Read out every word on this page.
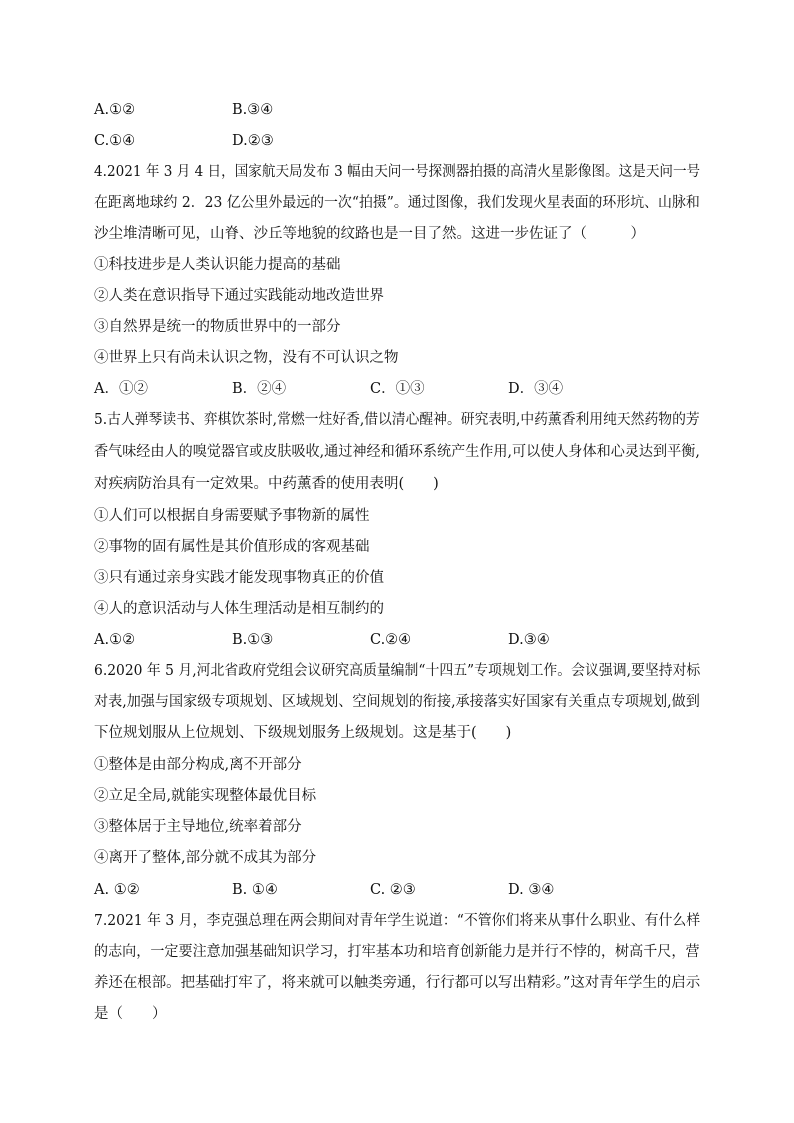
A.①②	B.③④
C.①④	D.②③
4.2021 年 3 月 4 日，国家航天局发布 3 幅由天问一号探测器拍摄的高清火星影像图。这是天问一号
在距离地球约 2．23 亿公里外最远的一次“拍摄”。通过图像，我们发现火星表面的环形坑、山脉和
沙尘堆清晰可见，山脊、沙丘等地貌的纹路也是一目了然。这进一步佐证了（　　　）
①科技进步是人类认识能力提高的基础
②人类在意识指导下通过实践能动地改造世界
③自然界是统一的物质世界中的一部分
④世界上只有尚未认识之物，没有不可认识之物
A．①②	B．②④	C．①③	D．③④
5.古人弹琴读书、弈棋饮茶时,常燃一炷好香,借以清心醒神。研究表明,中药薰香利用纯天然药物的芳
香气味经由人的嗅觉器官或皮肤吸收,通过神经和循环系统产生作用,可以使人身体和心灵达到平衡,
对疾病防治具有一定效果。中药薰香的使用表明(　　)
①人们可以根据自身需要赋予事物新的属性
②事物的固有属性是其价值形成的客观基础
③只有通过亲身实践才能发现事物真正的价值
④人的意识活动与人体生理活动是相互制约的
A.①②	B.①③	C.②④	D.③④
6.2020 年 5 月,河北省政府党组会议研究高质量编制“十四五”专项规划工作。会议强调,要坚持对标
对表,加强与国家级专项规划、区域规划、空间规划的衔接,承接落实好国家有关重点专项规划,做到
下位规划服从上位规划、下级规划服务上级规划。这是基于(　　)
①整体是由部分构成,离不开部分
②立足全局,就能实现整体最优目标
③整体居于主导地位,统率着部分
④离开了整体,部分就不成其为部分
A. ①②	B. ①④	C. ②③	D. ③④
7.2021 年 3 月，李克强总理在两会期间对青年学生说道：“不管你们将来从事什么职业、有什么样
的志向，一定要注意加强基础知识学习，打牢基本功和培育创新能力是并行不悖的，树高千尺，营
养还在根部。把基础打牢了，将来就可以触类旁通，行行都可以写出精彩。”这对青年学生的启示
是（　　）
